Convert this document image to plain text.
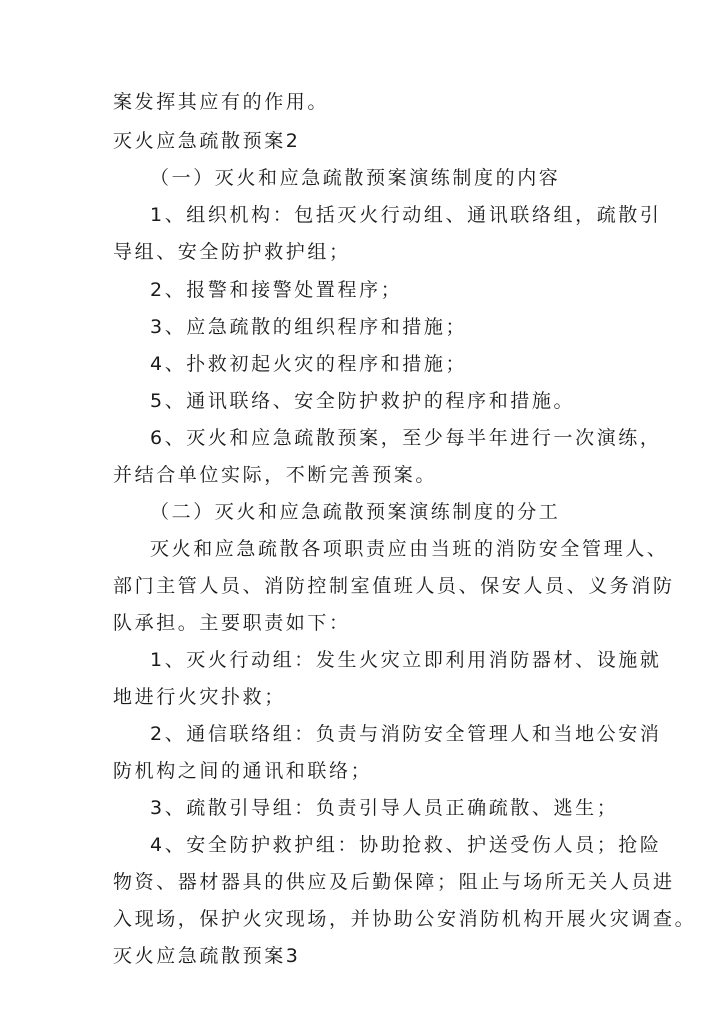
案发挥其应有的作用。
灭火应急疏散预案2
（一）灭火和应急疏散预案演练制度的内容
1、组织机构：包括灭火行动组、通讯联络组，疏散引
导组、安全防护救护组；
2、报警和接警处置程序；
3、应急疏散的组织程序和措施；
4、扑救初起火灾的程序和措施；
5、通讯联络、安全防护救护的程序和措施。
6、灭火和应急疏散预案，至少每半年进行一次演练，
并结合单位实际，不断完善预案。
（二）灭火和应急疏散预案演练制度的分工
灭火和应急疏散各项职责应由当班的消防安全管理人、
部门主管人员、消防控制室值班人员、保安人员、义务消防
队承担。主要职责如下：
1、灭火行动组：发生火灾立即利用消防器材、设施就
地进行火灾扑救；
2、通信联络组：负责与消防安全管理人和当地公安消
防机构之间的通讯和联络；
3、疏散引导组：负责引导人员正确疏散、逃生；
4、安全防护救护组：协助抢救、护送受伤人员；抢险
物资、器材器具的供应及后勤保障；阻止与场所无关人员进
入现场，保护火灾现场，并协助公安消防机构开展火灾调查。
灭火应急疏散预案3
